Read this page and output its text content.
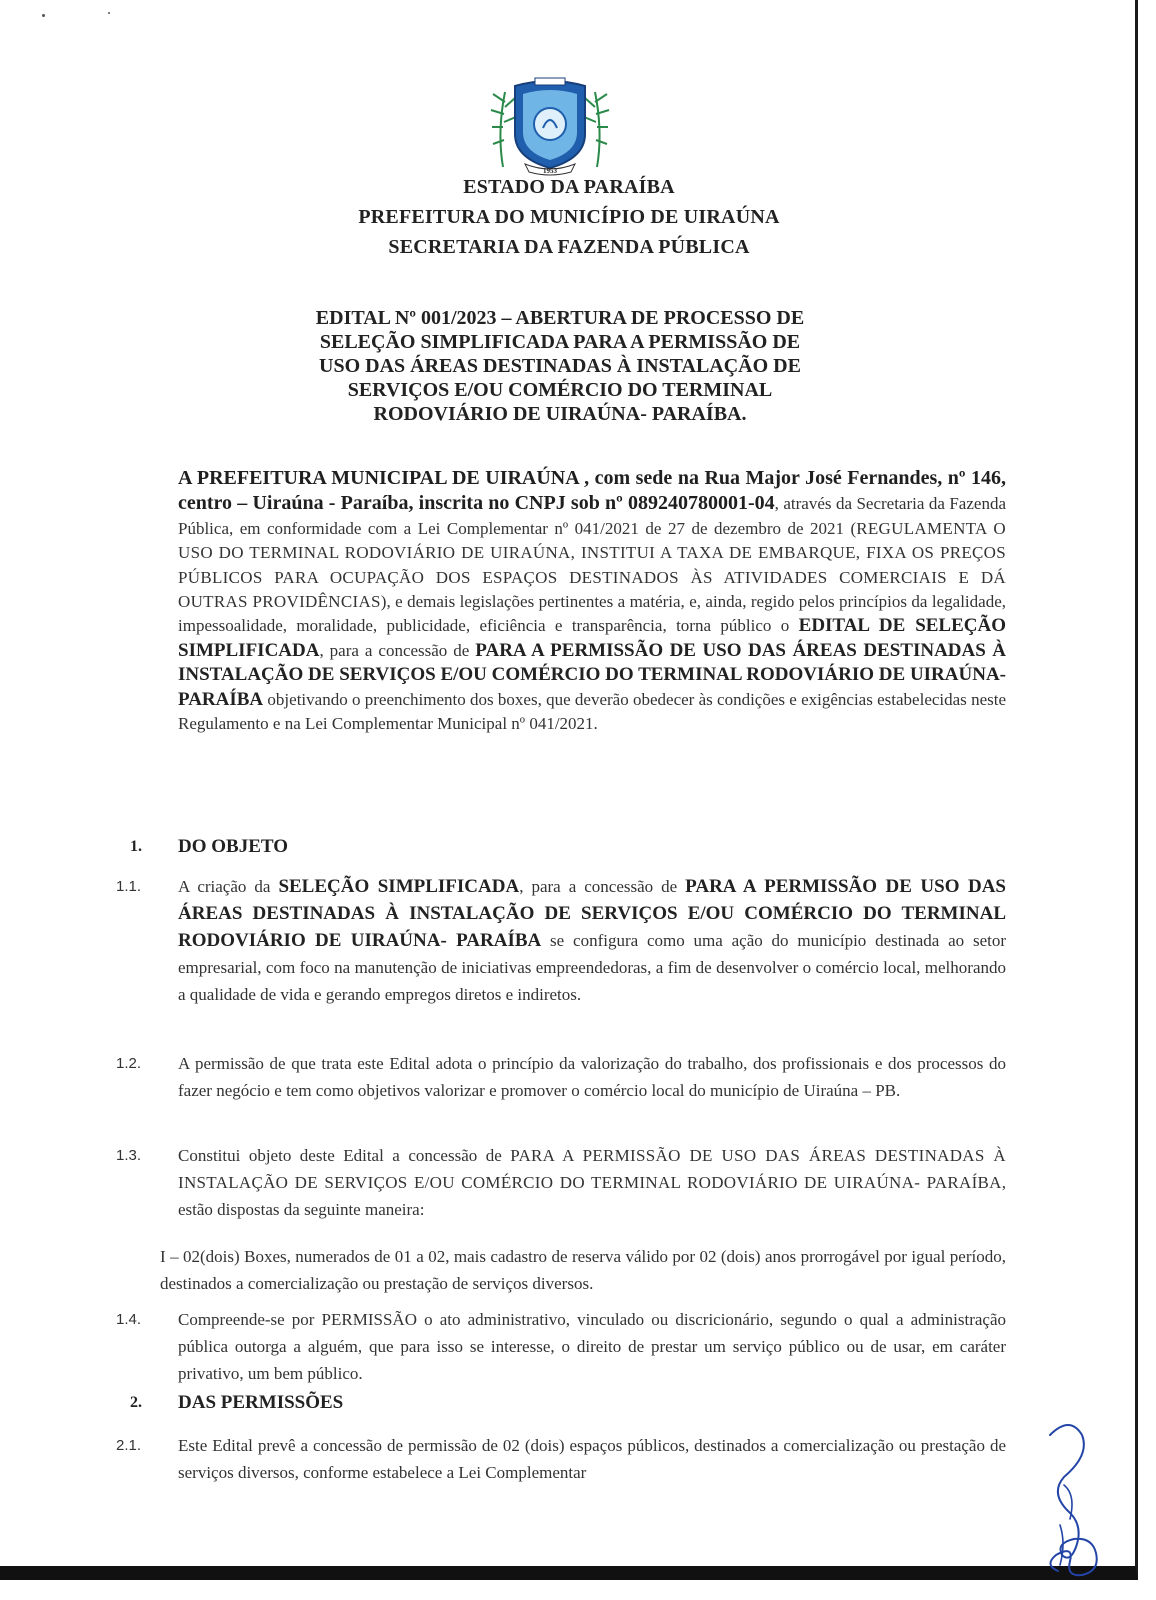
1953
ESTADO DA PARAÍBA
PREFEITURA DO MUNICÍPIO DE UIRAÚNA
SECRETARIA DA FAZENDA PÚBLICA
EDITAL Nº 001/2023 – ABERTURA DE PROCESSO DE
SELEÇÃO SIMPLIFICADA PARA A PERMISSÃO DE
USO DAS ÁREAS DESTINADAS À INSTALAÇÃO DE
SERVIÇOS E/OU COMÉRCIO DO TERMINAL
RODOVIÁRIO DE UIRAÚNA- PARAÍBA.
A PREFEITURA MUNICIPAL DE UIRAÚNA , com sede na Rua Major José Fernandes, nº 146, centro – Uiraúna - Paraíba, inscrita no CNPJ sob nº 089240780001-04, através da Secretaria da Fazenda Pública, em conformidade com a Lei Complementar nº 041/2021 de 27 de dezembro de 2021 (REGULAMENTA O USO DO TERMINAL RODOVIÁRIO DE UIRAÚNA, INSTITUI A TAXA DE EMBARQUE, FIXA OS PREÇOS PÚBLICOS PARA OCUPAÇÃO DOS ESPAÇOS DESTINADOS ÀS ATIVIDADES COMERCIAIS E DÁ OUTRAS PROVIDÊNCIAS), e demais legislações pertinentes a matéria, e, ainda, regido pelos princípios da legalidade, impessoalidade, moralidade, publicidade, eficiência e transparência, torna público o EDITAL DE SELEÇÃO SIMPLIFICADA, para a concessão de PARA A PERMISSÃO DE USO DAS ÁREAS DESTINADAS À INSTALAÇÃO DE SERVIÇOS E/OU COMÉRCIO DO TERMINAL RODOVIÁRIO DE UIRAÚNA- PARAÍBA objetivando o preenchimento dos boxes, que deverão obedecer às condições e exigências estabelecidas neste Regulamento e na Lei Complementar Municipal nº 041/2021.
1. DO OBJETO
1.1. A criação da SELEÇÃO SIMPLIFICADA, para a concessão de PARA A PERMISSÃO DE USO DAS ÁREAS DESTINADAS À INSTALAÇÃO DE SERVIÇOS E/OU COMÉRCIO DO TERMINAL RODOVIÁRIO DE UIRAÚNA- PARAÍBA se configura como uma ação do município destinada ao setor empresarial, com foco na manutenção de iniciativas empreendedoras, a fim de desenvolver o comércio local, melhorando a qualidade de vida e gerando empregos diretos e indiretos.
1.2. A permissão de que trata este Edital adota o princípio da valorização do trabalho, dos profissionais e dos processos do fazer negócio e tem como objetivos valorizar e promover o comércio local do município de Uiraúna – PB.
1.3. Constitui objeto deste Edital a concessão de PARA A PERMISSÃO DE USO DAS ÁREAS DESTINADAS À INSTALAÇÃO DE SERVIÇOS E/OU COMÉRCIO DO TERMINAL RODOVIÁRIO DE UIRAÚNA- PARAÍBA, estão dispostas da seguinte maneira:
I – 02(dois) Boxes, numerados de 01 a 02, mais cadastro de reserva válido por 02 (dois) anos prorrogável por igual período, destinados a comercialização ou prestação de serviços diversos.
1.4. Compreende-se por PERMISSÃO o ato administrativo, vinculado ou discricionário, segundo o qual a administração pública outorga a alguém, que para isso se interesse, o direito de prestar um serviço público ou de usar, em caráter privativo, um bem público.
2. DAS PERMISSÕES
2.1. Este Edital prevê a concessão de permissão de 02 (dois) espaços públicos, destinados a comercialização ou prestação de serviços diversos, conforme estabelece a Lei Complementar
